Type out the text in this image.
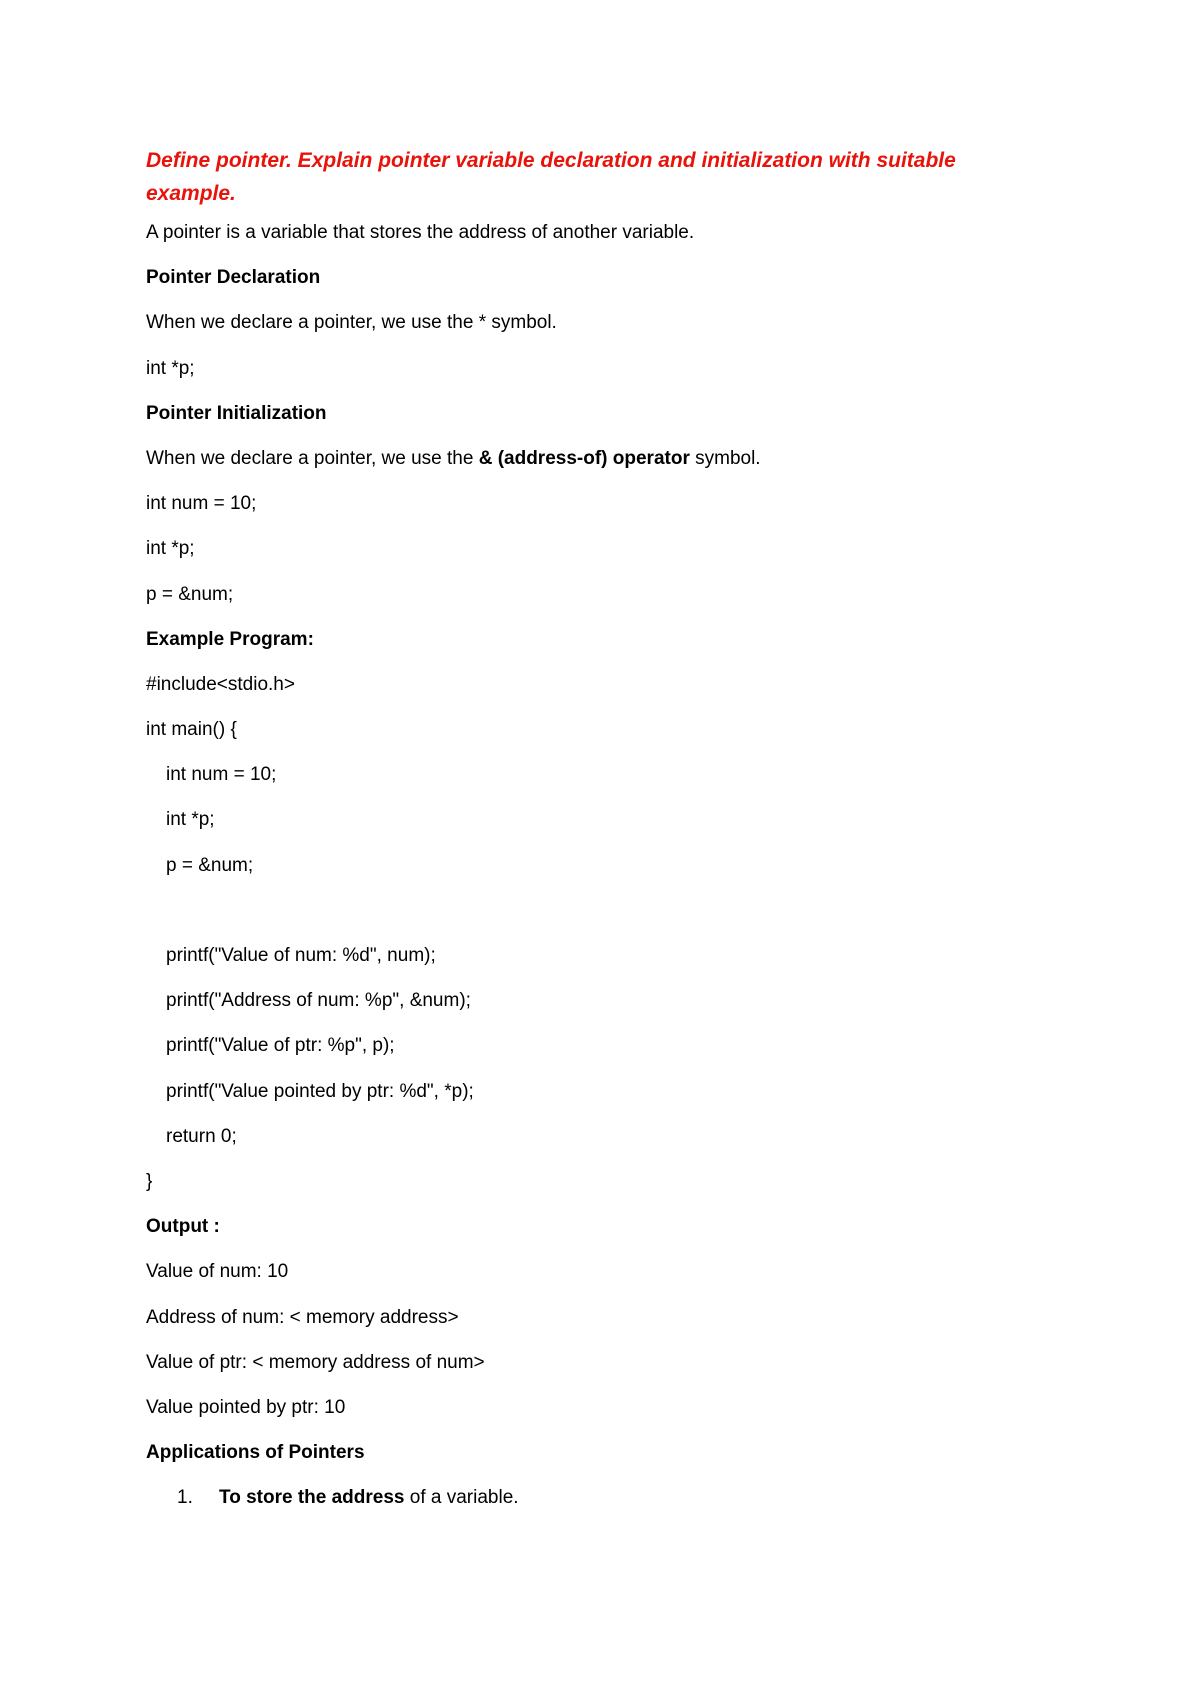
Define pointer. Explain pointer variable declaration and initialization with suitable example.
A pointer is a variable that stores the address of another variable.
Pointer Declaration
When we declare a pointer, we use the * symbol.
int *p;
Pointer Initialization
When we declare a pointer, we use the & (address-of) operator symbol.
int num = 10;
int *p;
p = &num;
Example Program:
#include<stdio.h>
int main() {
int num = 10;
int *p;
p = &num;
printf("Value of num: %d", num);
printf("Address of num: %p", &num);
printf("Value of ptr: %p", p);
printf("Value pointed by ptr: %d", *p);
return 0;
}
Output :
Value of num: 10
Address of num: < memory address>
Value of ptr: < memory address of num>
Value pointed by ptr: 10
Applications of Pointers
1. To store the address of a variable.
